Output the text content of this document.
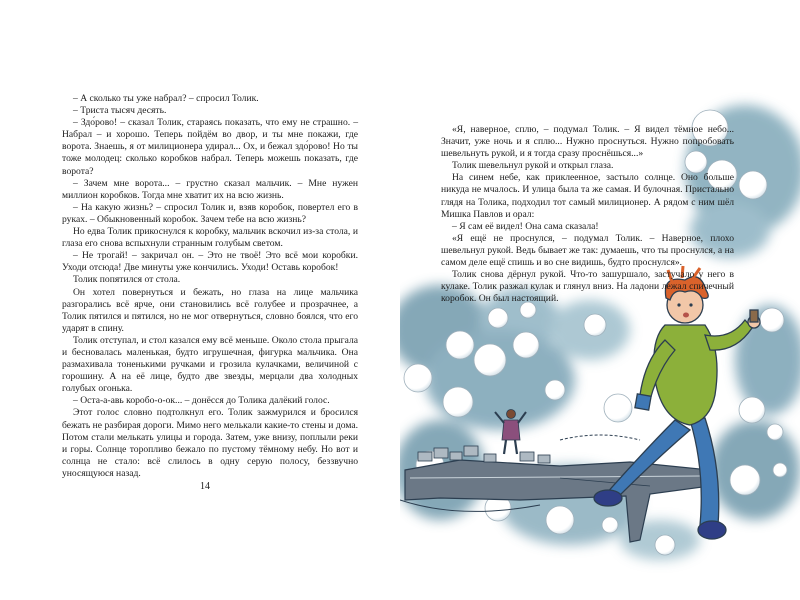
– А сколько ты уже набрал? – спросил Толик.

– Триста тысяч десять.

– Здо́рово! – сказал Толик, стараясь показать, что ему не страшно. – Набрал – и хорошо. Теперь пойдём во двор, и ты мне покажи, где ворота. Знаешь, я от милиционера удирал... Ох, и бежал здо́рово! Но ты тоже молодец: сколько коробков набрал. Теперь можешь показать, где ворота?

– Зачем мне ворота... – грустно сказал мальчик. – Мне нужен миллион коробков. Тогда мне хватит их на всю жизнь.

– На какую жизнь? – спросил Толик и, взяв коробок, повертел его в руках. – Обыкновенный коробок. Зачем тебе на всю жизнь?

Но едва Толик прикоснулся к коробку, мальчик вскочил из-за стола, и глаза его снова вспыхнули странным голубым светом.

– Не трогай! – закричал он. – Это не твоё! Это всё мои коробки. Уходи отсюда! Две минуты уже кончились. Уходи! Оставь коробок!

Толик попятился от стола.

Он хотел повернуться и бежать, но глаза на лице мальчика разгорались всё ярче, они становились всё голубее и прозрачнее, а Толик пятился и пятился, но не мог отвернуться, словно боялся, что его ударят в спину.

Толик отступал, и стол казался ему всё меньше. Около стола прыгала и бесновалась маленькая, будто игрушечная, фигурка мальчика. Она размахивала тоненькими ручками и грозила кулачками, величиной с горошину. А на её лице, будто две звезды, мерцали два холодных голубых огонька.

– Оста-а-авь коробо-о-ок... – донёсся до Толика далёкий голос.

Этот голос словно подтолкнул его. Толик зажмурился и бросился бежать не разбирая дороги. Мимо него мелькали какие-то стены и дома. Потом стали мелькать улицы и города. Затем, уже внизу, поплыли реки и горы. Солнце торопливо бежало по пустому тёмному небу. Но вот и солнца не стало: всё слилось в одну серую полосу, беззвучно уносящуюся назад.

14

«Я, наверное, сплю, – подумал Толик. – Я видел тёмное небо... Значит, уже ночь и я сплю... Нужно проснуться. Нужно попробовать шевельнуть рукой, и я тогда сразу проснёшься...»

Толик шевельнул рукой и открыл глаза.

На синем небе, как приклеенное, застыло солнце. Оно больше никуда не мчалось. И улица была та же самая. И булочная. Пристально глядя на Толика, подходил тот самый милиционер. А рядом с ним шёл Мишка Павлов и орал:

– Я сам её видел! Она сама сказала!

«Я ещё не проснулся, – подумал Толик. – Наверное, плохо шевельнул рукой. Ведь бывает же так: думаешь, что ты проснулся, а на самом деле ещё спишь и во сне видишь, будто проснулся».

Толик снова дёрнул рукой. Что-то зашуршало, застучало у него в кулаке. Толик разжал кулак и глянул вниз. На ладони лежал спичечный коробок. Он был настоящий.
